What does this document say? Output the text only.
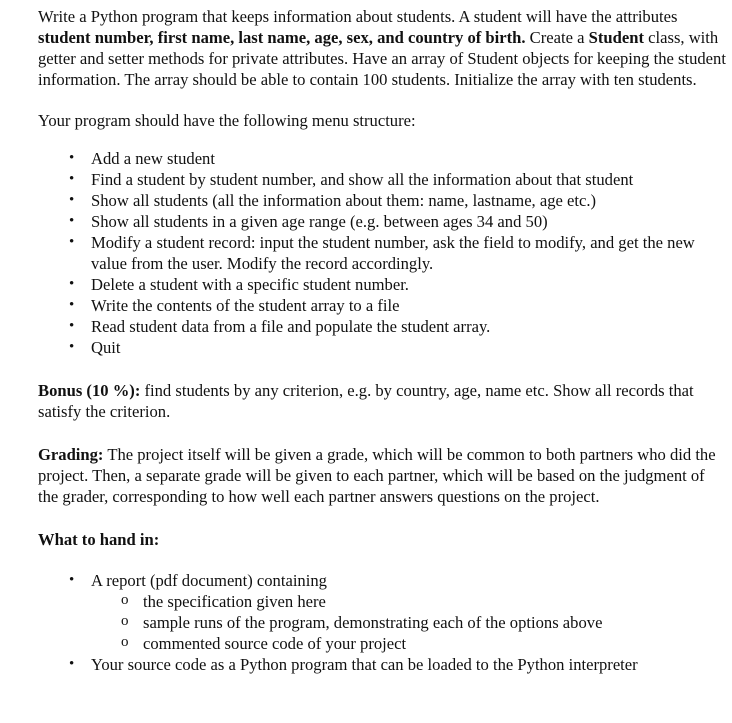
Write a Python program that keeps information about students. A student will have the attributes student number, first name, last name, age, sex, and country of birth. Create a Student class, with getter and setter methods for private attributes. Have an array of Student objects for keeping the student information. The array should be able to contain 100 students. Initialize the array with ten students.

Your program should have the following menu structure:

• Add a new student
• Find a student by student number, and show all the information about that student
• Show all students (all the information about them: name, lastname, age etc.)
• Show all students in a given age range (e.g. between ages 34 and 50)
• Modify a student record: input the student number, ask the field to modify, and get the new value from the user. Modify the record accordingly.
• Delete a student with a specific student number.
• Write the contents of the student array to a file
• Read student data from a file and populate the student array.
• Quit

Bonus (10 %): find students by any criterion, e.g. by country, age, name etc. Show all records that satisfy the criterion.

Grading: The project itself will be given a grade, which will be common to both partners who did the project. Then, a separate grade will be given to each partner, which will be based on the judgment of the grader, corresponding to how well each partner answers questions on the project.

What to hand in:

• A report (pdf document) containing
o the specification given here
o sample runs of the program, demonstrating each of the options above
o commented source code of your project
• Your source code as a Python program that can be loaded to the Python interpreter
